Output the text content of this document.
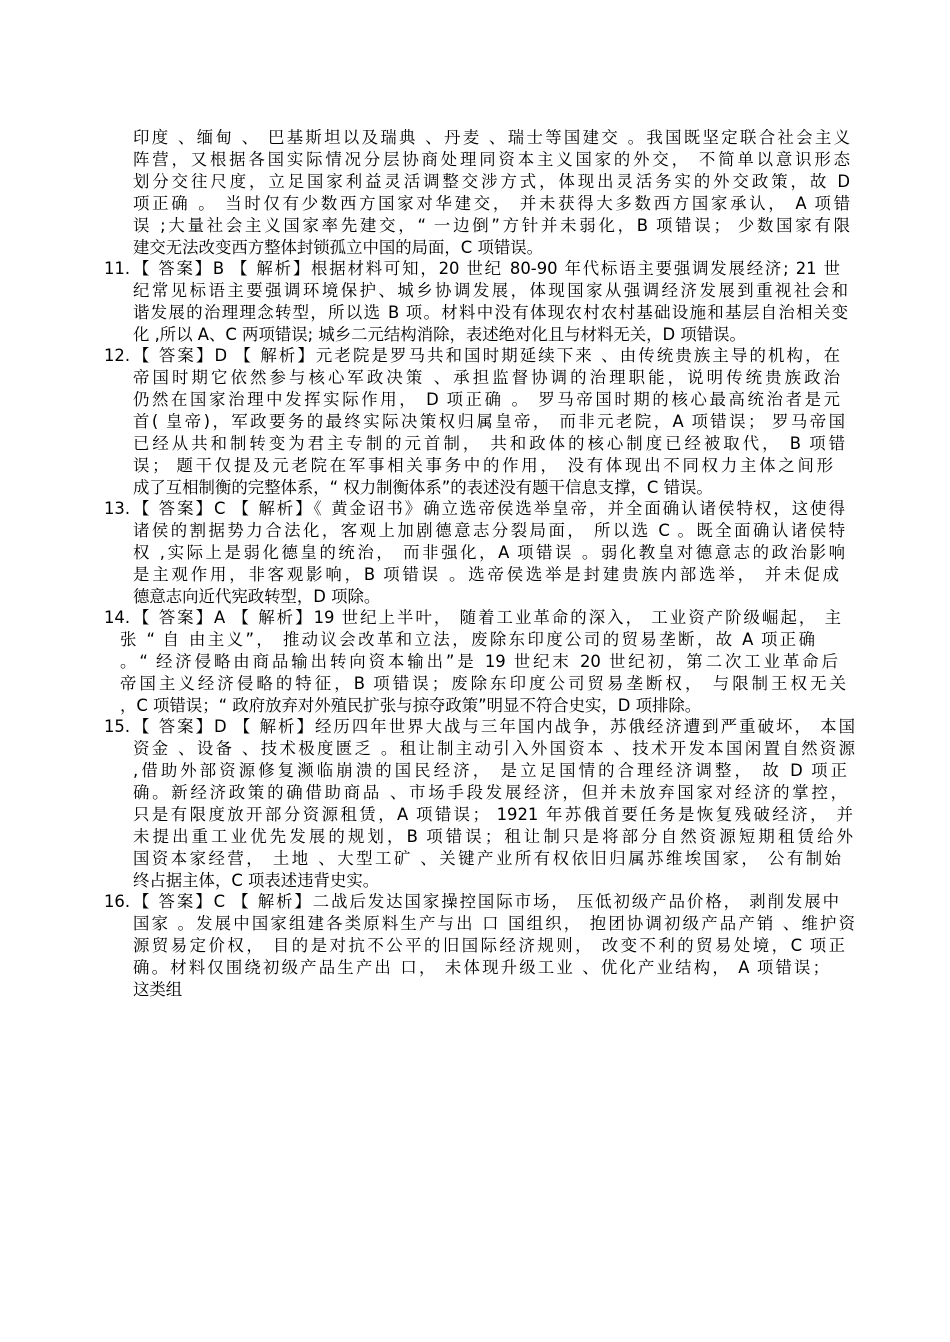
印度 、缅甸 、 巴基斯坦以及瑞典 、丹麦 、瑞士等国建交 。我国既坚定联合社会主义
阵营，又根据各国实际情况分层协商处理同资本主义国家的外交， 不简单以意识形态
划分交往尺度，立足国家利益灵活调整交涉方式，体现出灵活务实的外交政策，故 D
项正确 。 当时仅有少数西方国家对华建交， 并未获得大多数西方国家承认， A 项错
误 ;大量社会主义国家率先建交，“ 一边倒”方针并未弱化，B 项错误； 少数国家有限
建交无法改变西方整体封锁孤立中国的局面，C 项错误。
11. 【 答案】B 【 解析】根据材料可知，20 世纪 80-90 年代标语主要强调发展经济; 21 世
纪常见标语主要强调环境保护、城乡协调发展，体现国家从强调经济发展到重视社会和
谐发展的治理理念转型，所以选 B 项。材料中没有体现农村农村基础设施和基层自治相关变
化 ,所以 A、C 两项错误; 城乡二元结构消除，表述绝对化且与材料无关，D 项错误。
12. 【 答案】D 【 解析】元老院是罗马共和国时期延续下来 、由传统贵族主导的机构，在
帝国时期它依然参与核心军政决策 、承担监督协调的治理职能，说明传统贵族政治
仍然在国家治理中发挥实际作用， D 项正确 。 罗马帝国时期的核心最高统治者是元
首( 皇帝)，军政要务的最终实际决策权归属皇帝， 而非元老院，A 项错误； 罗马帝国
已经从共和制转变为君主专制的元首制， 共和政体的核心制度已经被取代， B 项错
误； 题干仅提及元老院在军事相关事务中的作用， 没有体现出不同权力主体之间形
成了互相制衡的完整体系，“ 权力制衡体系”的表述没有题干信息支撑，C 错误。
13. 【 答案】C 【 解析】《 黄金诏书》确立选帝侯选举皇帝，并全面确认诸侯特权，这使得
诸侯的割据势力合法化，客观上加剧德意志分裂局面， 所以选 C 。既全面确认诸侯特
权 ,实际上是弱化德皇的统治， 而非强化，A 项错误 。弱化教皇对德意志的政治影响
是主观作用，非客观影响，B 项错误 。选帝侯选举是封建贵族内部选举， 并未促成
德意志向近代宪政转型，D 项除。
14. 【 答案】A 【 解析】19 世纪上半叶， 随着工业革命的深入， 工业资产阶级崛起， 主
张 “ 自 由主义”， 推动议会改革和立法，废除东印度公司的贸易垄断，故 A 项正确
。“ 经济侵略由商品输出转向资本输出”是 19 世纪末 20 世纪初，第二次工业革命后
帝国主义经济侵略的特征，B 项错误；废除东印度公司贸易垄断权， 与限制王权无关
，C 项错误；“ 政府放弃对外殖民扩张与掠夺政策”明显不符合史实，D 项排除。
15. 【 答案】D 【 解析】经历四年世界大战与三年国内战争，苏俄经济遭到严重破坏， 本国
资金 、设备 、技术极度匮乏 。租让制主动引入外国资本 、技术开发本国闲置自然资源
,借助外部资源修复濒临崩溃的国民经济， 是立足国情的合理经济调整， 故 D 项正
确。新经济政策的确借助商品 、市场手段发展经济，但并未放弃国家对经济的掌控，
只是有限度放开部分资源租赁，A 项错误； 1921 年苏俄首要任务是恢复残破经济， 并
未提出重工业优先发展的规划，B 项错误；租让制只是将部分自然资源短期租赁给外
国资本家经营， 土地 、大型工矿 、关键产业所有权依旧归属苏维埃国家， 公有制始
终占据主体，C 项表述违背史实。
16. 【 答案】C 【 解析】二战后发达国家操控国际市场， 压低初级产品价格， 剥削发展中
国家 。发展中国家组建各类原料生产与出 口 国组织， 抱团协调初级产品产销 、维护资
源贸易定价权， 目的是对抗不公平的旧国际经济规则， 改变不利的贸易处境，C 项正
确。材料仅围绕初级产品生产出 口， 未体现升级工业 、优化产业结构， A 项错误；
这类组
